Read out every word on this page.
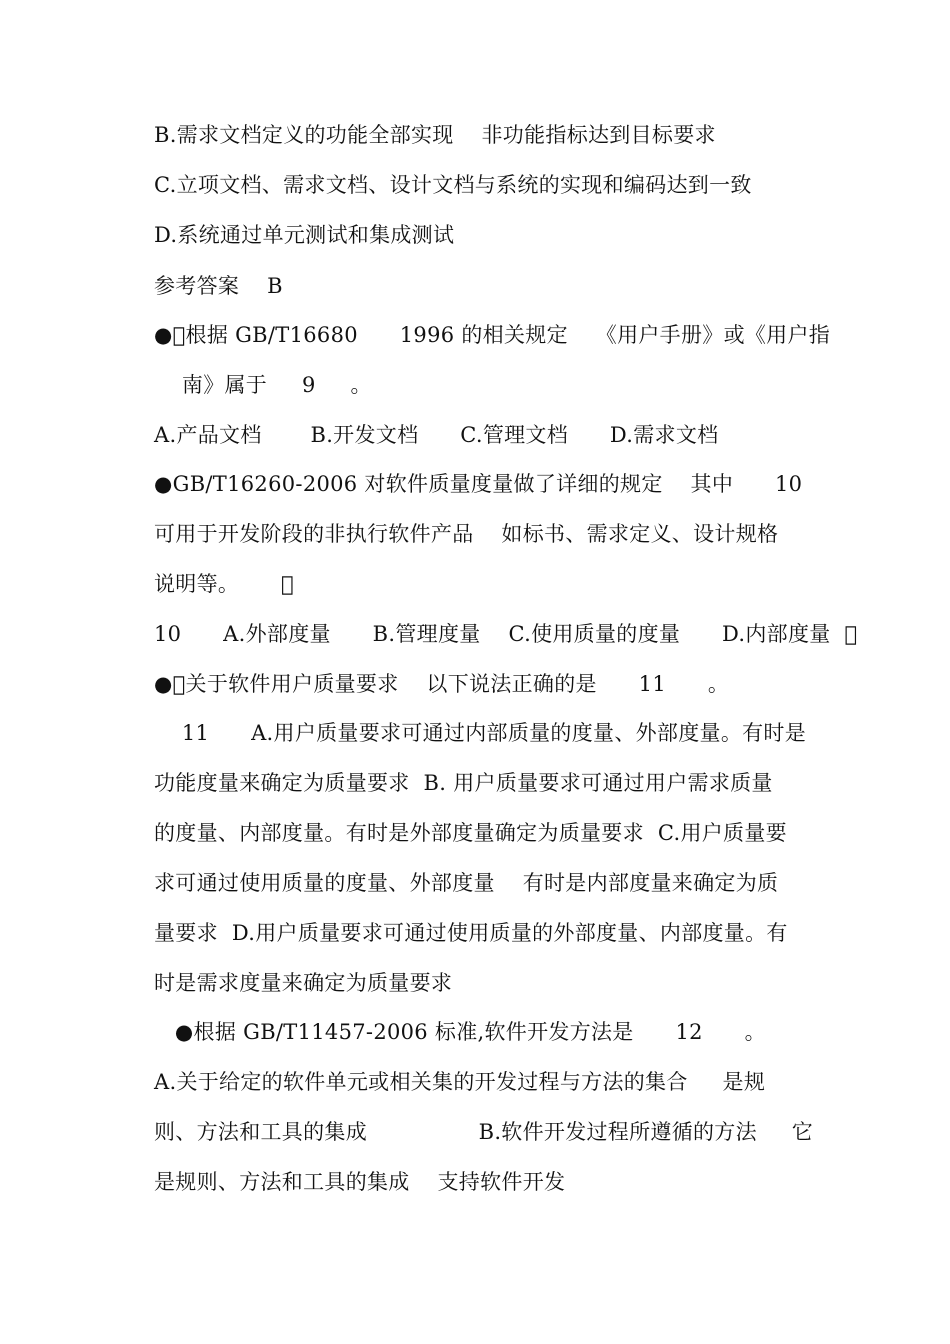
B.需求文档定义的功能全部实现    非功能指标达到目标要求
C.立项文档、需求文档、设计文档与系统的实现和编码达到一致
D.系统通过单元测试和集成测试
参考答案    B
● 根据 GB/T16680      1996 的相关规定    《用户手册》或《用户指
南》属于     9     。
A.产品文档       B.开发文档      C.管理文档      D.需求文档
●GB/T16260-2006 对软件质量度量做了详细的规定    其中      10
可用于开发阶段的非执行软件产品    如标书、需求定义、设计规格
说明等。       
10      A.外部度量      B.管理度量    C.使用质量的度量      D.内部度量   
● 关于软件用户质量要求    以下说法正确的是      11      。
11      A.用户质量要求可通过内部质量的度量、外部度量。有时是
功能度量来确定为质量要求  B. 用户质量要求可通过用户需求质量
的度量、内部度量。有时是外部度量确定为质量要求  C.用户质量要
求可通过使用质量的度量、外部度量    有时是内部度量来确定为质
量要求  D.用户质量要求可通过使用质量的外部度量、内部度量。有
时是需求度量来确定为质量要求
●根据 GB/T11457-2006 标准,软件开发方法是      12      。
A.关于给定的软件单元或相关集的开发过程与方法的集合     是规
则、方法和工具的集成                B.软件开发过程所遵循的方法     它
是规则、方法和工具的集成    支持软件开发
